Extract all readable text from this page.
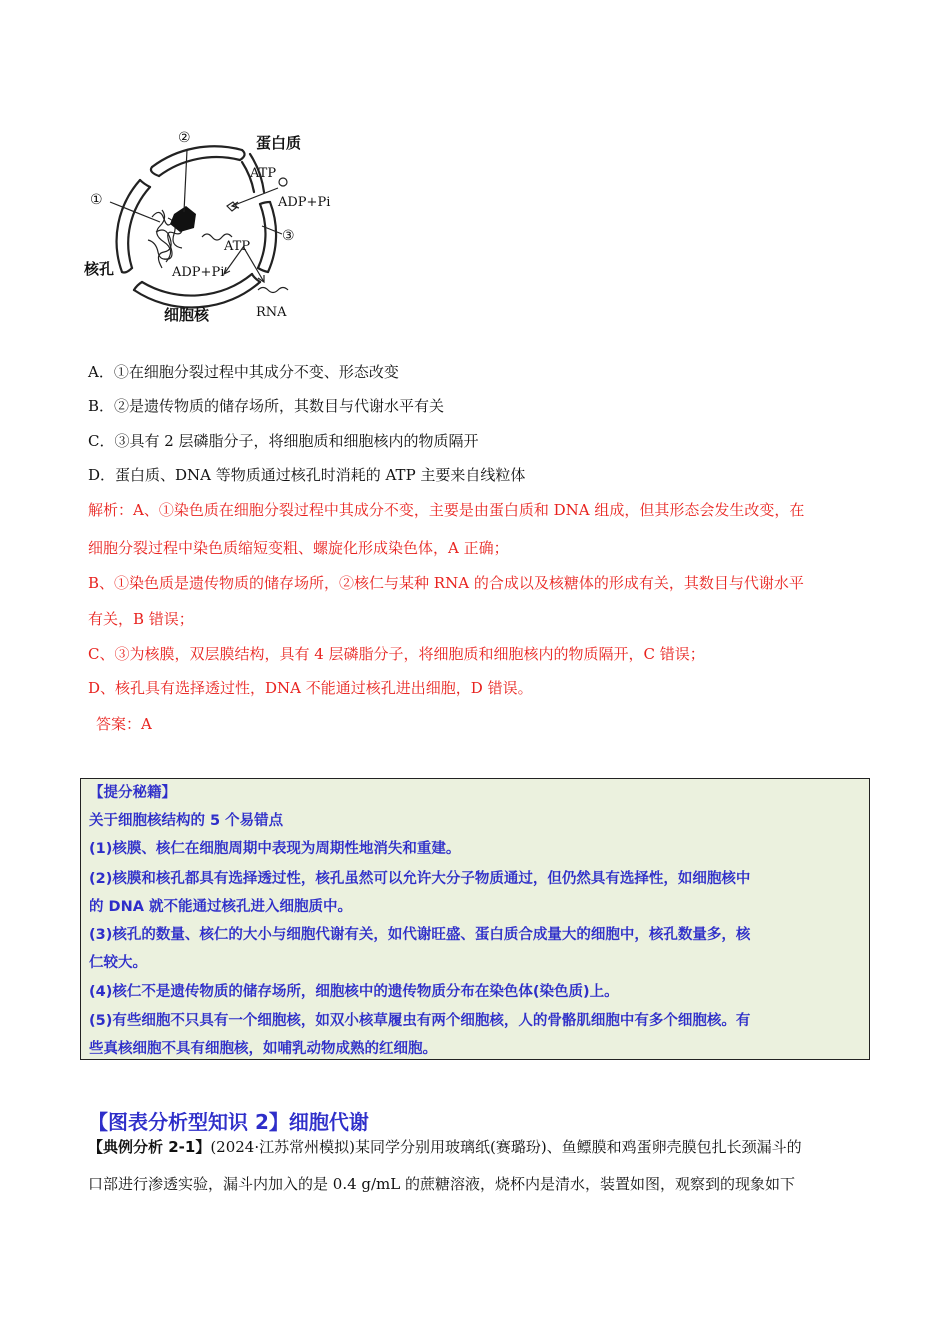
②
①
③
蛋白质
ATP
ADP+Pi
ATP
ADP+Pi
核孔
RNA
细胞核
A．①在细胞分裂过程中其成分不变、形态改变
B．②是遗传物质的储存场所，其数目与代谢水平有关
C．③具有 2 层磷脂分子，将细胞质和细胞核内的物质隔开
D．蛋白质、DNA 等物质通过核孔时消耗的 ATP 主要来自线粒体
解析：A、①染色质在细胞分裂过程中其成分不变，主要是由蛋白质和 DNA 组成，但其形态会发生改变，在
细胞分裂过程中染色质缩短变粗、螺旋化形成染色体，A 正确；
B、①染色质是遗传物质的储存场所，②核仁与某种 RNA 的合成以及核糖体的形成有关，其数目与代谢水平
有关，B 错误；
C、③为核膜，双层膜结构，具有 4 层磷脂分子，将细胞质和细胞核内的物质隔开，C 错误；
D、核孔具有选择透过性，DNA 不能通过核孔进出细胞，D 错误。
答案：A
【提分秘籍】
关于细胞核结构的 5 个易错点
(1)核膜、核仁在细胞周期中表现为周期性地消失和重建。
(2)核膜和核孔都具有选择透过性，核孔虽然可以允许大分子物质通过，但仍然具有选择性，如细胞核中
的 DNA 就不能通过核孔进入细胞质中。
(3)核孔的数量、核仁的大小与细胞代谢有关，如代谢旺盛、蛋白质合成量大的细胞中，核孔数量多，核
仁较大。
(4)核仁不是遗传物质的储存场所，细胞核中的遗传物质分布在染色体(染色质)上。
(5)有些细胞不只具有一个细胞核，如双小核草履虫有两个细胞核，人的骨骼肌细胞中有多个细胞核。有
些真核细胞不具有细胞核，如哺乳动物成熟的红细胞。
【图表分析型知识 2】细胞代谢
【典例分析 2-1】(2024·江苏常州模拟)某同学分别用玻璃纸(赛璐玢)、鱼鳔膜和鸡蛋卵壳膜包扎长颈漏斗的
口部进行渗透实验，漏斗内加入的是 0.4 g/mL 的蔗糖溶液，烧杯内是清水，装置如图，观察到的现象如下
